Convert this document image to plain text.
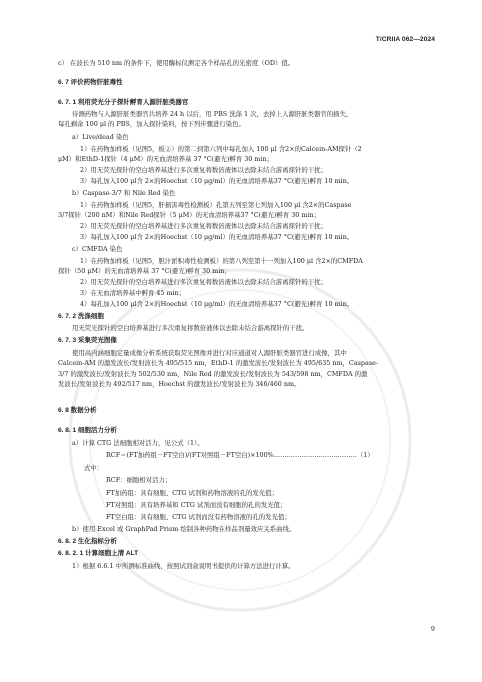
T/CRIIA 062—2024
c） 在波长为 510 nm 的条件下，使用酶标仪测定各个样品孔的光密度（OD）值。
6. 7 评价药物肝脏毒性
6. 7. 1 利用荧光分子探针孵育人源肝脏类器官
待测药物与人源肝脏类器官共培养 24 h 以后，用 PBS 洗涤 1 次，去掉上人源肝脏类器官的损失，
每孔剩余 100 μl 的 PBS，加入探针染料，按下列步骤进行染色。
a）Live/dead 染色
1）在药物加样板（见图5，板②）的第二到第六列中每孔加入 100 μl 含2×的Calcein-AM探针（2
μM）和EthD-1探针（4 μM）的无血清培养基 37 °C(避光)孵育 30 min；
2）用无荧光探针的空白培养基进行多次重复将数倍液体以去除未结合游离探针的干扰；
3）每孔加入100 μl含 2×的Hoechst（10 μg/ml）的无血清培养基37 °C(避光)孵育 10 min。
b）Caspase-3/7 和 Nile Red 染色
1）在药物加样板（见图5，肝损害毒性检测板）孔第五列至第七列加入100 μl 含2×的Caspase
3/7探针（200 nM）和Nile Red探针（5 μM）的无血清培养基37 °C(避光)孵育 30 min；
2）用无荧光探针的空白培养基进行多次重复将数倍液体以去除未结合游离探针的干扰；
3）每孔加入100 μl含 2×的Hoechst（10 μg/ml）的无血清培养基37 °C(避光)孵育 10 min。
c）CMFDA 染色
1）在药物加样板（见图5，胆汁淤积毒性检测板）的第八列至第十一列加入100 μl 含2×的CMFDA
探针（50 μM）的无血清培养基 37 °C(避光)孵育 30 min；
2）用无荧光探针的空白培养基进行多次重复将数倍液体以去除未结合游离探针的干扰；
3）在无血清培养基中孵育 45 min；
4）每孔加入100 μl含 2×的Hoechst（10 μg/ml）的无血清培养基37 °C(避光)孵育 10 min。
6. 7. 2 洗涤细胞
用无荧光探针的空白培养基进行多次重复将数倍液体以去除未结合游离探针的干扰。
6. 7. 3 采集荧光图像
使用高内涵细胞定量成像分析系统获取荧光图像并进行对应通道对人源肝脏类器官进行成像，其中
Calcein-AM 的激发波长/发射波长为 495/515 nm，EthD-1 的激发波长/发射波长为 495/635 nm，Caspase-
3/7 的激发波长/发射波长为 502/530 nm，Nile Red 的激发波长/发射波长为 543/598 nm，CMFDA 的激
发波长/发射波长为 492/517 nm，Hoechst 的激发波长/发射波长为 346/460 nm。
6. 8 数据分析
6. 8. 1 细胞活力分析
a）计算 CTG 法细胞相对活力，见公式（1）。
RCF＝(FT加药组－FT空白)/(FT对照组－FT空白)×100%…………………………………（1）
式中：
RCF：细胞相对活力；
FT加药组：具有细胞、CTG 试剂和药物溶液的孔的发光值；
FT对照组：具有培养基和 CTG 试剂而没有细胞的孔的发光值；
FT空白组：具有细胞、CTG 试剂而没有药物溶液的孔的发光值；
b）使用 Excel 或 GraphPad Prism 绘制各种药物在样品剂量效应关系曲线。
6. 8. 2 生化指标分析
6. 8. 2. 1 计算细胞上清 ALT
1）根据 6.6.1 中所测标准曲线，按照试剂盒说明书提供的计算方法进行计算。
9
